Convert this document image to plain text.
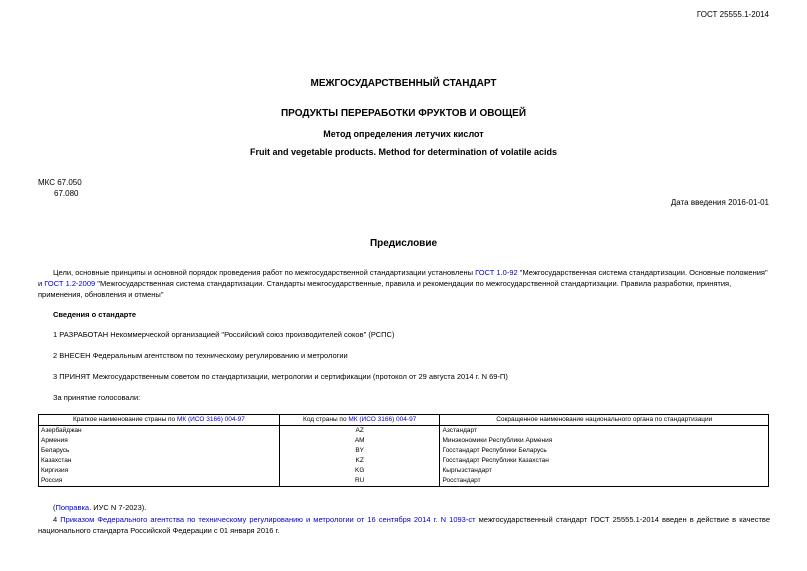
ГОСТ 25555.1-2014
МЕЖГОСУДАРСТВЕННЫЙ СТАНДАРТ
ПРОДУКТЫ ПЕРЕРАБОТКИ ФРУКТОВ И ОВОЩЕЙ
Метод определения летучих кислот
Fruit and vegetable products. Method for determination of volatile acids
МКС 67.050
67.080
Дата введения 2016-01-01
Предисловие
Цели, основные принципы и основной порядок проведения работ по межгосударственной стандартизации установлены ГОСТ 1.0-92 "Межгосударственная система стандартизации. Основные положения" и ГОСТ 1.2-2009 "Межгосударственная система стандартизации. Стандарты межгосударственные, правила и рекомендации по межгосударственной стандартизации. Правила разработки, принятия, применения, обновления и отмены"
Сведения о стандарте
1 РАЗРАБОТАН Некоммерческой организацией "Российский союз производителей соков" (РСПС)
2 ВНЕСЕН Федеральным агентством по техническому регулированию и метрологии
3 ПРИНЯТ Межгосударственным советом по стандартизации, метрологии и сертификации (протокол от 29 августа 2014 г. N 69-П)
За принятие голосовали:
Краткое наименование страны по МК (ИСО 3166) 004-97	Код страны по МК (ИСО 3166) 004-97	Сокращенное наименование национального органа по стандартизации
Азербайджан	AZ	Азстандарт
Армения	AM	Минэкономики Республики Армения
Беларусь	BY	Госстандарт Республики Беларусь
Казахстан	KZ	Госстандарт Республики Казахстан
Киргизия	KG	Кыргызстандарт
Россия	RU	Росстандарт
(Поправка. ИУС N 7-2023).
4 Приказом Федерального агентства по техническому регулированию и метрологии от 16 сентября 2014 г. N 1093-ст межгосударственный стандарт ГОСТ 25555.1-2014 введен в действие в качестве национального стандарта Российской Федерации с 01 января 2016 г.
